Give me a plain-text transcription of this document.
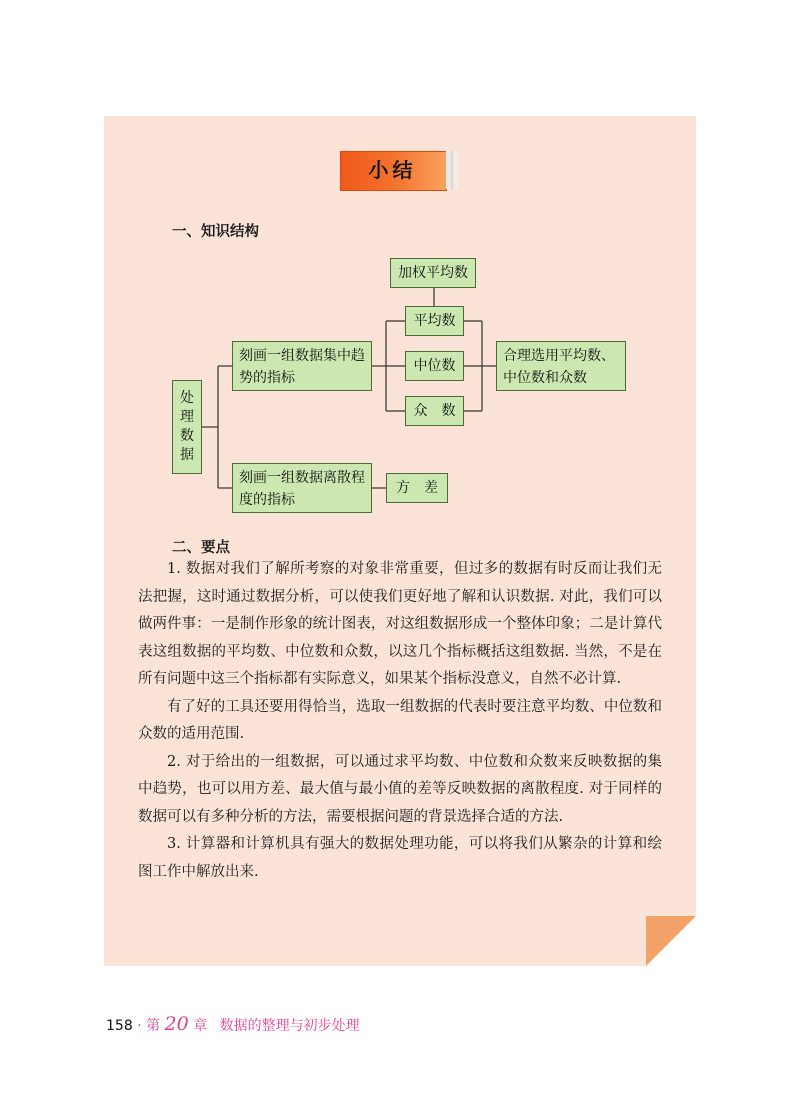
小结
一、知识结构
处理数据
刻画一组数据集中趋势的指标
刻画一组数据离散程度的指标
加权平均数
平均数
中位数
众　数
合理选用平均数、中位数和众数
方　差
二、要点

1. 数据对我们了解所考察的对象非常重要，但过多的数据有时反而让我们无法把握，这时通过数据分析，可以使我们更好地了解和认识数据. 对此，我们可以做两件事：一是制作形象的统计图表，对这组数据形成一个整体印象；二是计算代表这组数据的平均数、中位数和众数，以这几个指标概括这组数据. 当然，不是在所有问题中这三个指标都有实际意义，如果某个指标没意义，自然不必计算.

有了好的工具还要用得恰当，选取一组数据的代表时要注意平均数、中位数和众数的适用范围.

2. 对于给出的一组数据，可以通过求平均数、中位数和众数来反映数据的集中趋势，也可以用方差、最大值与最小值的差等反映数据的离散程度. 对于同样的数据可以有多种分析的方法，需要根据问题的背景选择合适的方法.

3. 计算器和计算机具有强大的数据处理功能，可以将我们从繁杂的计算和绘图工作中解放出来.

158 · 第 20 章 数据的整理与初步处理
